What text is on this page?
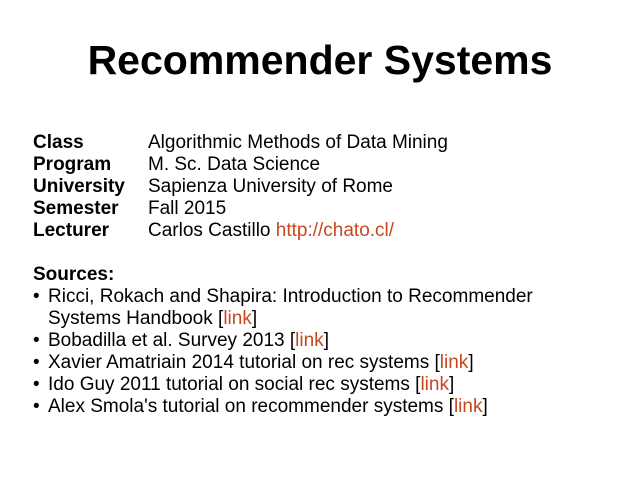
Recommender Systems
Class	Algorithmic Methods of Data Mining
Program	M. Sc. Data Science
University	Sapienza University of Rome
Semester	Fall 2015
Lecturer	Carlos Castillo http://chato.cl/
Sources:
• Ricci, Rokach and Shapira: Introduction to Recommender
Systems Handbook [link]
• Bobadilla et al. Survey 2013 [link]
• Xavier Amatriain 2014 tutorial on rec systems [link]
• Ido Guy 2011 tutorial on social rec systems [link]
• Alex Smola's tutorial on recommender systems [link]
